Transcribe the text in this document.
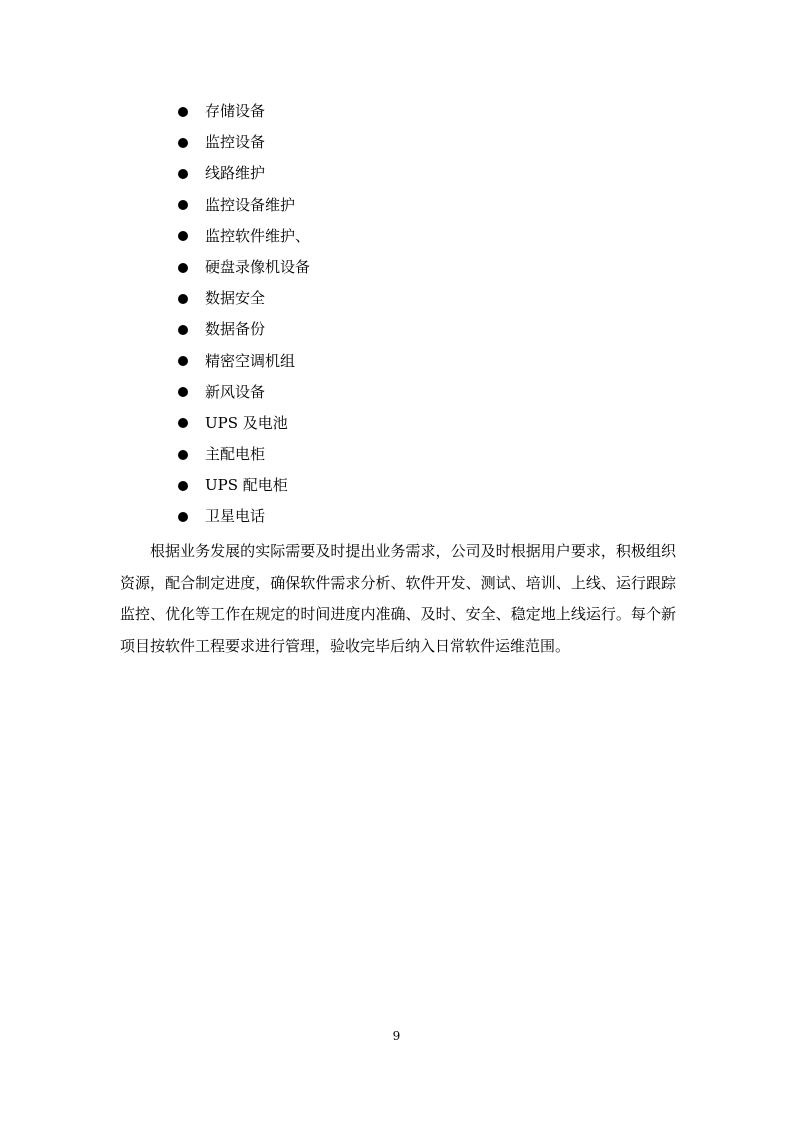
存储设备
监控设备
线路维护
监控设备维护
监控软件维护、
硬盘录像机设备
数据安全
数据备份
精密空调机组
新风设备
UPS 及电池
主配电柜
UPS 配电柜
卫星电话

根据业务发展的实际需要及时提出业务需求，公司及时根据用户要求，积极组织资源，配合制定进度，确保软件需求分析、软件开发、测试、培训、上线、运行跟踪监控、优化等工作在规定的时间进度内准确、及时、安全、稳定地上线运行。每个新项目按软件工程要求进行管理，验收完毕后纳入日常软件运维范围。

9
